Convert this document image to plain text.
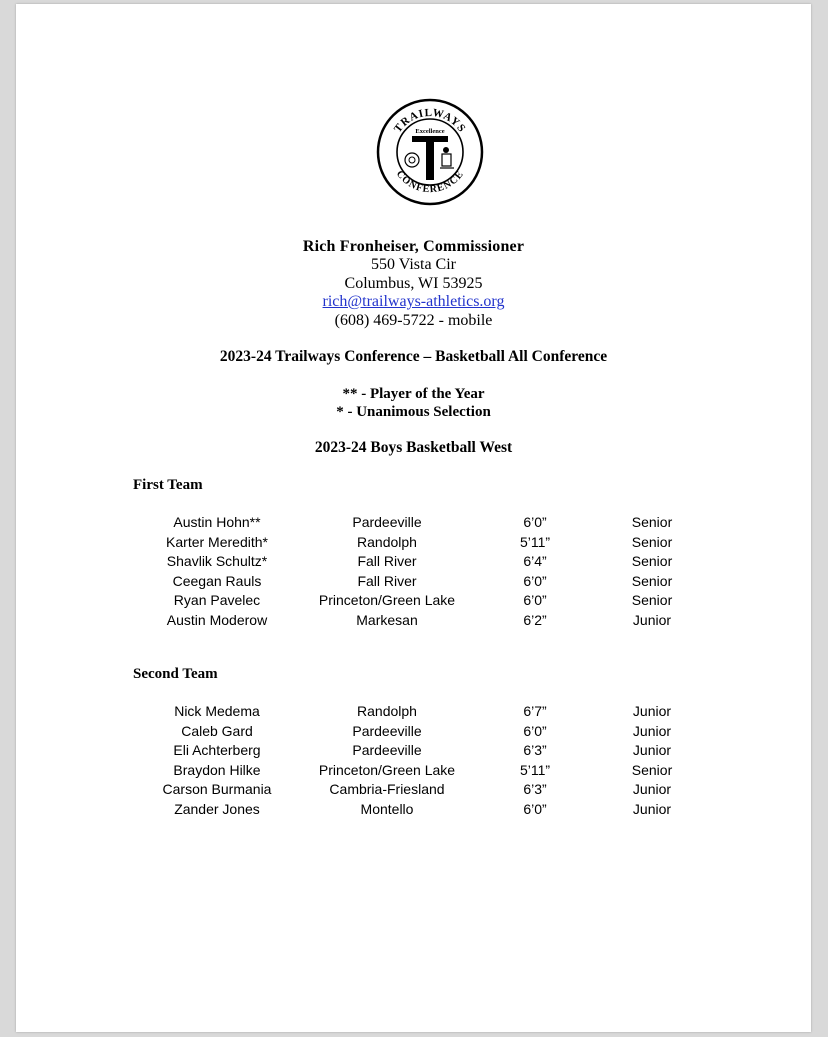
TRAILWAYS
CONFERENCE
Excellence
Rich Fronheiser, Commissioner
550 Vista Cir
Columbus, WI 53925
rich@trailways-athletics.org
(608) 469-5722 - mobile
2023-24 Trailways Conference – Basketball All Conference
** - Player of the Year
* - Unanimous Selection
2023-24 Boys Basketball West
First Team
Austin Hohn**	Pardeeville	6’0”	Senior
Karter Meredith*	Randolph	5’11”	Senior
Shavlik Schultz*	Fall River	6’4”	Senior
Ceegan Rauls	Fall River	6’0”	Senior
Ryan Pavelec	Princeton/Green Lake	6’0”	Senior
Austin Moderow	Markesan	6’2”	Junior
Second Team
Nick Medema	Randolph	6’7”	Junior
Caleb Gard	Pardeeville	6’0”	Junior
Eli Achterberg	Pardeeville	6’3”	Junior
Braydon Hilke	Princeton/Green Lake	5’11”	Senior
Carson Burmania	Cambria-Friesland	6’3”	Junior
Zander Jones	Montello	6’0”	Junior
